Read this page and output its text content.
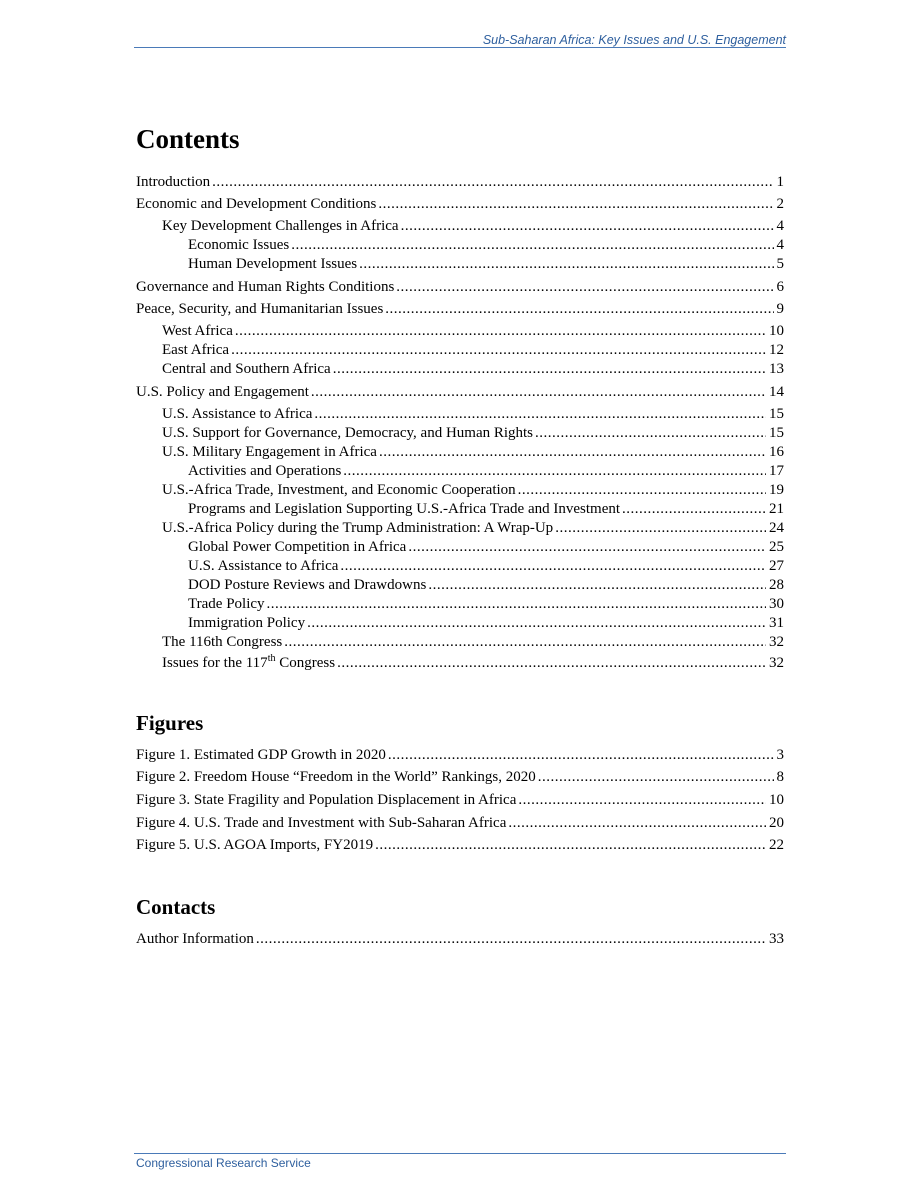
Sub-Saharan Africa: Key Issues and U.S. Engagement
Contents
Introduction .....	1
Economic and Development Conditions .....	2
Key Development Challenges in Africa .....	4
Economic Issues .....	4
Human Development Issues .....	5
Governance and Human Rights Conditions .....	6
Peace, Security, and Humanitarian Issues .....	9
West Africa .....	10
East Africa .....	12
Central and Southern Africa .....	13
U.S. Policy and Engagement .....	14
U.S. Assistance to Africa .....	15
U.S. Support for Governance, Democracy, and Human Rights .....	15
U.S. Military Engagement in Africa .....	16
Activities and Operations .....	17
U.S.-Africa Trade, Investment, and Economic Cooperation .....	19
Programs and Legislation Supporting U.S.-Africa Trade and Investment .....	21
U.S.-Africa Policy during the Trump Administration: A Wrap-Up .....	24
Global Power Competition in Africa .....	25
U.S. Assistance to Africa .....	27
DOD Posture Reviews and Drawdowns .....	28
Trade Policy .....	30
Immigration Policy .....	31
The 116th Congress .....	32
Issues for the 117th Congress .....	32
Figures
Figure 1. Estimated GDP Growth in 2020 .....	3
Figure 2. Freedom House “Freedom in the World” Rankings, 2020 .....	8
Figure 3. State Fragility and Population Displacement in Africa .....	10
Figure 4. U.S. Trade and Investment with Sub-Saharan Africa .....	20
Figure 5. U.S. AGOA Imports, FY2019 .....	22
Contacts
Author Information .....	33
Congressional Research Service
